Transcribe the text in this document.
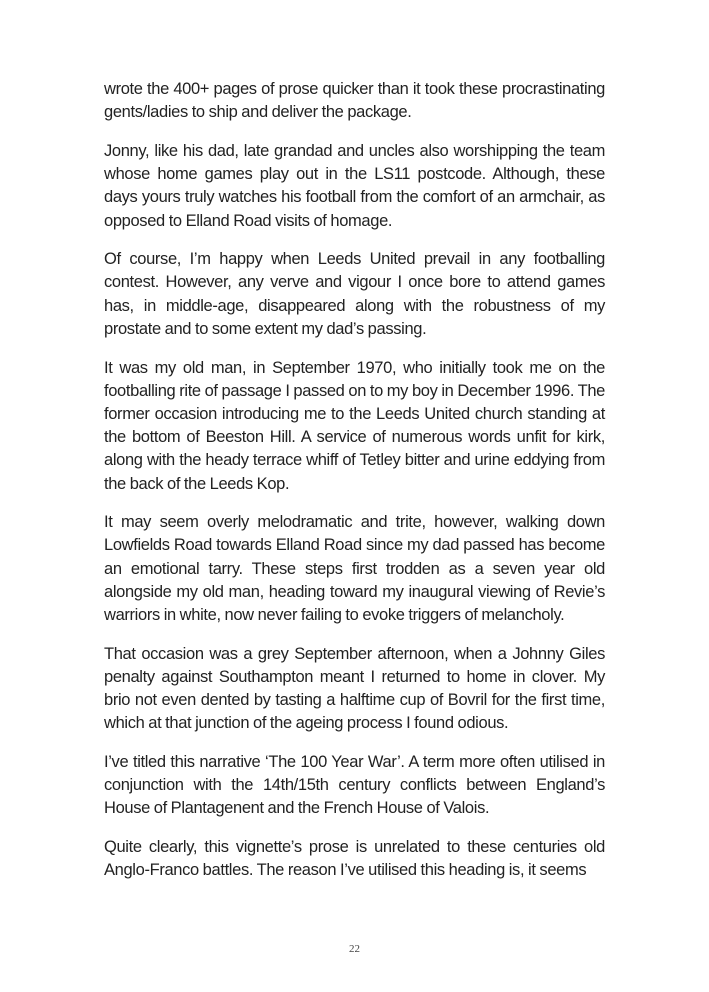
wrote the 400+ pages of prose quicker than it took these procrastinating gents/ladies to ship and deliver the package.

Jonny, like his dad, late grandad and uncles also worshipping the team whose home games play out in the LS11 postcode. Although, these days yours truly watches his football from the comfort of an armchair, as opposed to Elland Road visits of homage.

Of course, I’m happy when Leeds United prevail in any footballing contest. However, any verve and vigour I once bore to attend games has, in middle-age, disappeared along with the robustness of my prostate and to some extent my dad’s passing.

It was my old man, in September 1970, who initially took me on the footballing rite of passage I passed on to my boy in December 1996. The former occasion introducing me to the Leeds United church standing at the bottom of Beeston Hill. A service of numerous words unfit for kirk, along with the heady terrace whiff of Tetley bitter and urine eddying from the back of the Leeds Kop.

It may seem overly melodramatic and trite, however, walking down Lowfields Road towards Elland Road since my dad passed has become an emotional tarry. These steps first trodden as a seven year old alongside my old man, heading toward my inaugural viewing of Revie’s warriors in white, now never failing to evoke triggers of melancholy.

That occasion was a grey September afternoon, when a Johnny Giles penalty against Southampton meant I returned to home in clover. My brio not even dented by tasting a halftime cup of Bovril for the first time, which at that junction of the ageing process I found odious.

I’ve titled this narrative ‘The 100 Year War’. A term more often utilised in conjunction with the 14th/15th century conflicts between England’s House of Plantagenent and the French House of Valois.

Quite clearly, this vignette’s prose is unrelated to these centuries old Anglo-Franco battles. The reason I’ve utilised this heading is, it seems

22
